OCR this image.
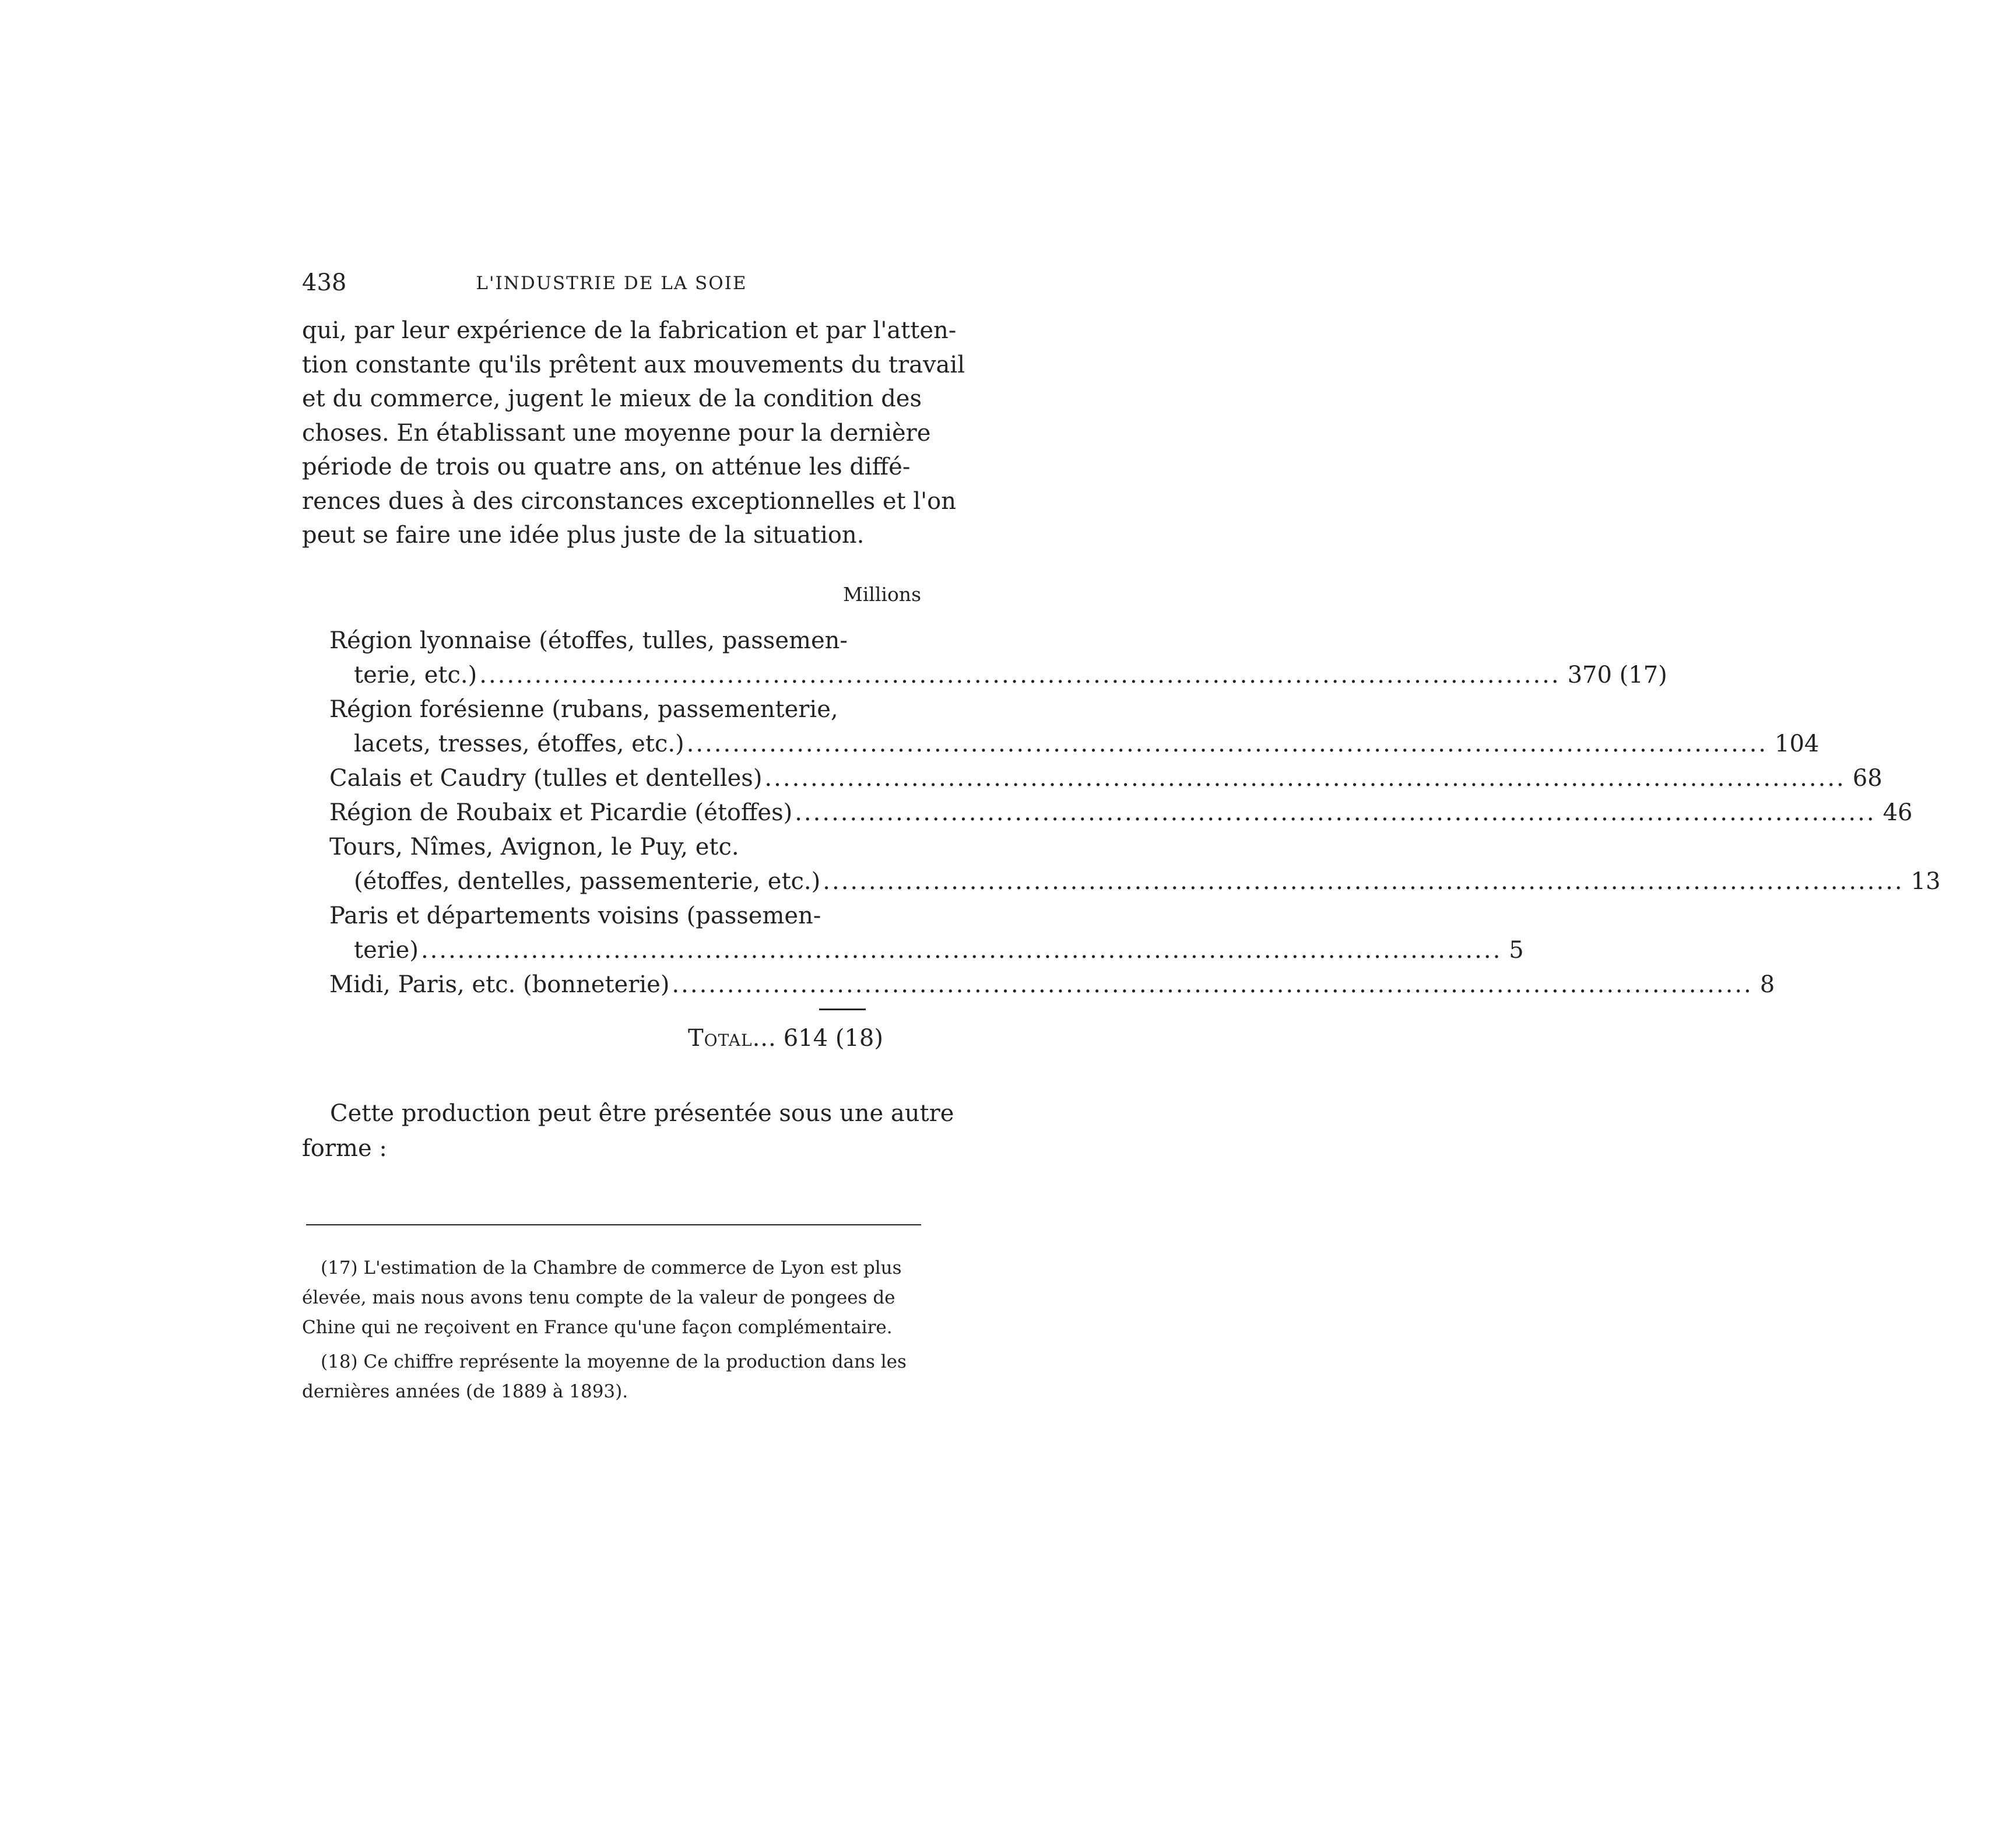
438	L'INDUSTRIE DE LA SOIE

qui, par leur expérience de la fabrication et par l'atten-
tion constante qu'ils prêtent aux mouvements du travail
et du commerce, jugent le mieux de la condition des
choses. En établissant une moyenne pour la dernière
période de trois ou quatre ans, on atténue les diffé-
rences dues à des circonstances exceptionnelles et l'on
peut se faire une idée plus juste de la situation.

Millions
Région lyonnaise (étoffes, tulles, passemen-
terie, etc.) ...................................................................................................................... 370 (17)
Région forésienne (rubans, passementerie,
lacets, tresses, étoffes, etc.) ...................................................................................................................... 104
Calais et Caudry (tulles et dentelles) ...................................................................................................................... 68
Région de Roubaix et Picardie (étoffes) ...................................................................................................................... 46
Tours, Nîmes, Avignon, le Puy, etc.
(étoffes, dentelles, passementerie, etc.) ...................................................................................................................... 13
Paris et départements voisins (passemen-
terie) ...................................................................................................................... 5
Midi, Paris, etc. (bonneterie) ...................................................................................................................... 8
Total... 614 (18)

Cette production peut être présentée sous une autre
forme :

(17) L'estimation de la Chambre de commerce de Lyon est plus
élevée, mais nous avons tenu compte de la valeur de pongees de
Chine qui ne reçoivent en France qu'une façon complémentaire.
(18) Ce chiffre représente la moyenne de la production dans les
dernières années (de 1889 à 1893).
